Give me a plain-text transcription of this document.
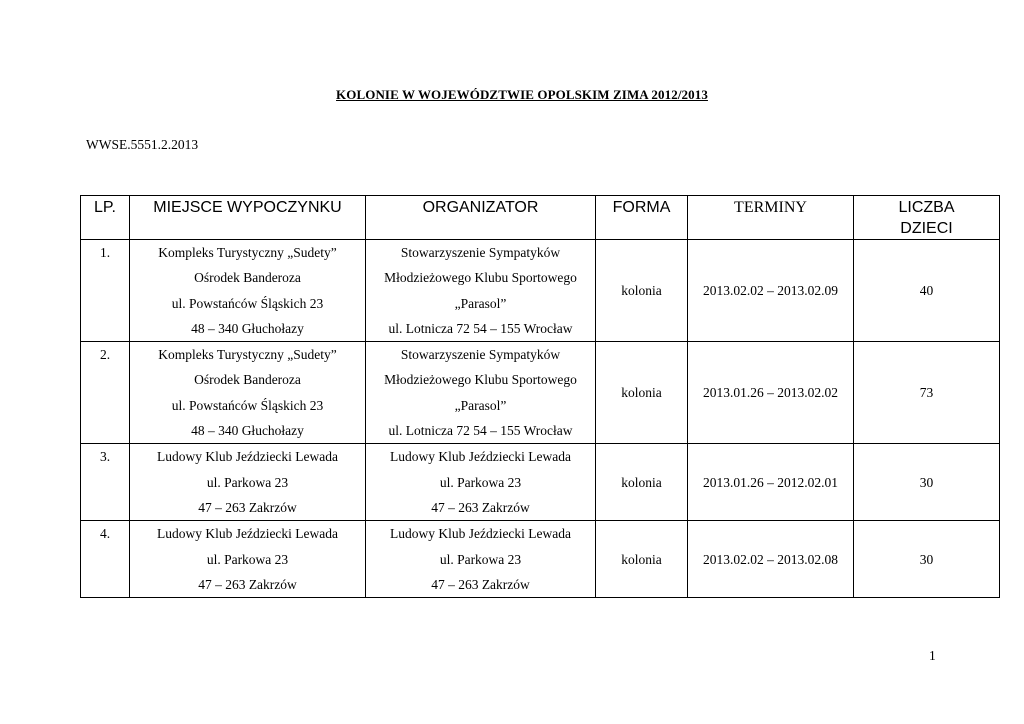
KOLONIE W WOJEWÓDZTWIE OPOLSKIM ZIMA 2012/2013
WWSE.5551.2.2013
LP.	MIEJSCE WYPOCZYNKU	ORGANIZATOR	FORMA	TERMINY	LICZBA
DZIECI

1.	Kompleks Turystyczny „Sudety”
Ośrodek Banderoza
ul. Powstańców Śląskich 23
48 – 340 Głuchołazy	Stowarzyszenie Sympatyków
Młodzieżowego Klubu Sportowego
„Parasol”
ul. Lotnicza 72 54 – 155 Wrocław	kolonia	2013.02.02 – 2013.02.09	40
2.	Kompleks Turystyczny „Sudety”
Ośrodek Banderoza
ul. Powstańców Śląskich 23
48 – 340 Głuchołazy	Stowarzyszenie Sympatyków
Młodzieżowego Klubu Sportowego
„Parasol”
ul. Lotnicza 72 54 – 155 Wrocław	kolonia	2013.01.26 – 2013.02.02	73
3.	Ludowy Klub Jeździecki Lewada
ul. Parkowa 23
47 – 263 Zakrzów	Ludowy Klub Jeździecki Lewada
ul. Parkowa 23
47 – 263 Zakrzów	kolonia	2013.01.26 – 2012.02.01	30
4.	Ludowy Klub Jeździecki Lewada
ul. Parkowa 23
47 – 263 Zakrzów	Ludowy Klub Jeździecki Lewada
ul. Parkowa 23
47 – 263 Zakrzów	kolonia	2013.02.02 – 2013.02.08	30
1
